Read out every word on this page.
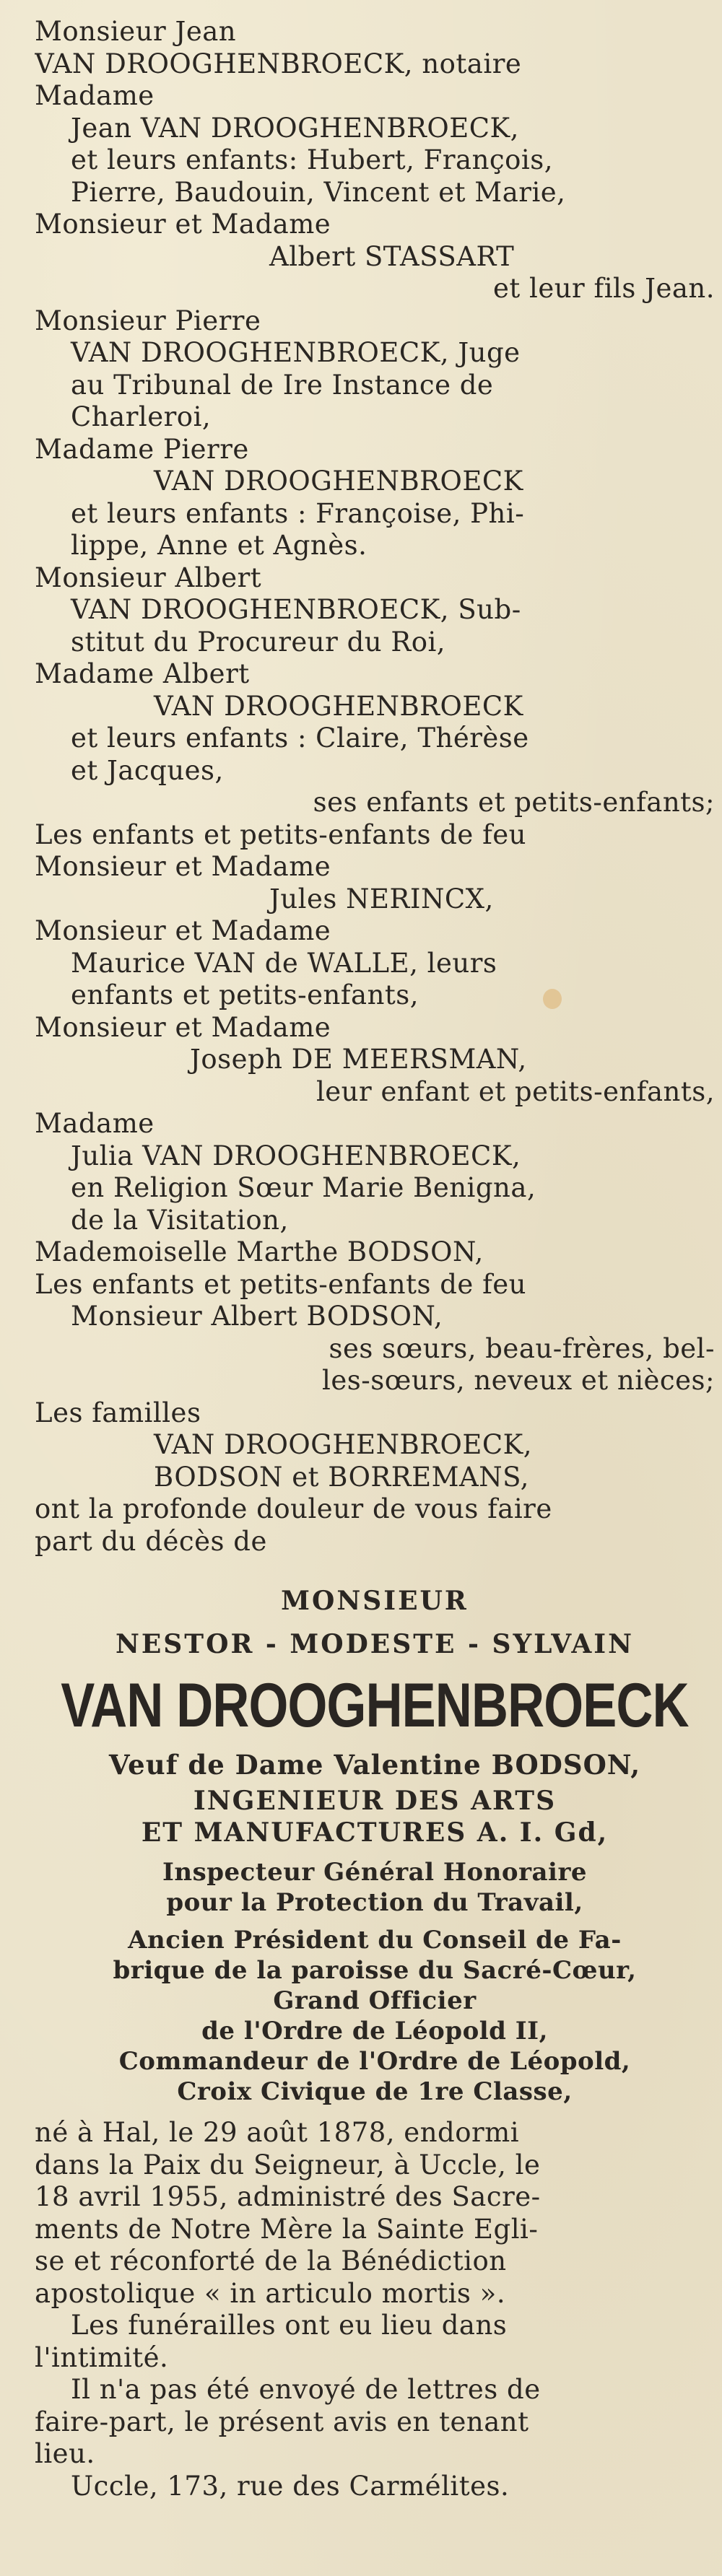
Monsieur Jean
VAN DROOGHENBROECK, notaire
Madame
Jean VAN DROOGHENBROECK,
et leurs enfants: Hubert, François,
Pierre, Baudouin, Vincent et Marie,
Monsieur et Madame
Albert STASSART
et leur fils Jean.
Monsieur Pierre
VAN DROOGHENBROECK, Juge
au Tribunal de Ire Instance de
Charleroi,
Madame Pierre
VAN DROOGHENBROECK
et leurs enfants : Françoise, Phi-
lippe, Anne et Agnès.
Monsieur Albert
VAN DROOGHENBROECK, Sub-
stitut du Procureur du Roi,
Madame Albert
VAN DROOGHENBROECK
et leurs enfants : Claire, Thérèse
et Jacques,
ses enfants et petits-enfants;
Les enfants et petits-enfants de feu
Monsieur et Madame
Jules NERINCX,
Monsieur et Madame
Maurice VAN de WALLE, leurs
enfants et petits-enfants,
Monsieur et Madame
Joseph DE MEERSMAN,
leur enfant et petits-enfants,
Madame
Julia VAN DROOGHENBROECK,
en Religion Sœur Marie Benigna,
de la Visitation,
Mademoiselle Marthe BODSON,
Les enfants et petits-enfants de feu
Monsieur Albert BODSON,
ses sœurs, beau-frères, bel-
les-sœurs, neveux et nièces;
Les familles
VAN DROOGHENBROECK,
BODSON et BORREMANS,
ont la profonde douleur de vous faire
part du décès de
MONSIEUR
NESTOR - MODESTE - SYLVAIN
VAN DROOGHENBROECK
Veuf de Dame Valentine BODSON,
INGENIEUR DES ARTS
ET MANUFACTURES A. I. Gd,
Inspecteur Général Honoraire
pour la Protection du Travail,
Ancien Président du Conseil de Fa-
brique de la paroisse du Sacré-Cœur,
Grand Officier
de l'Ordre de Léopold II,
Commandeur de l'Ordre de Léopold,
Croix Civique de 1re Classe,
né à Hal, le 29 août 1878, endormi
dans la Paix du Seigneur, à Uccle, le
18 avril 1955, administré des Sacre-
ments de Notre Mère la Sainte Egli-
se et réconforté de la Bénédiction
apostolique « in articulo mortis ».
Les funérailles ont eu lieu dans
l'intimité.
Il n'a pas été envoyé de lettres de
faire-part, le présent avis en tenant
lieu.
Uccle, 173, rue des Carmélites.
